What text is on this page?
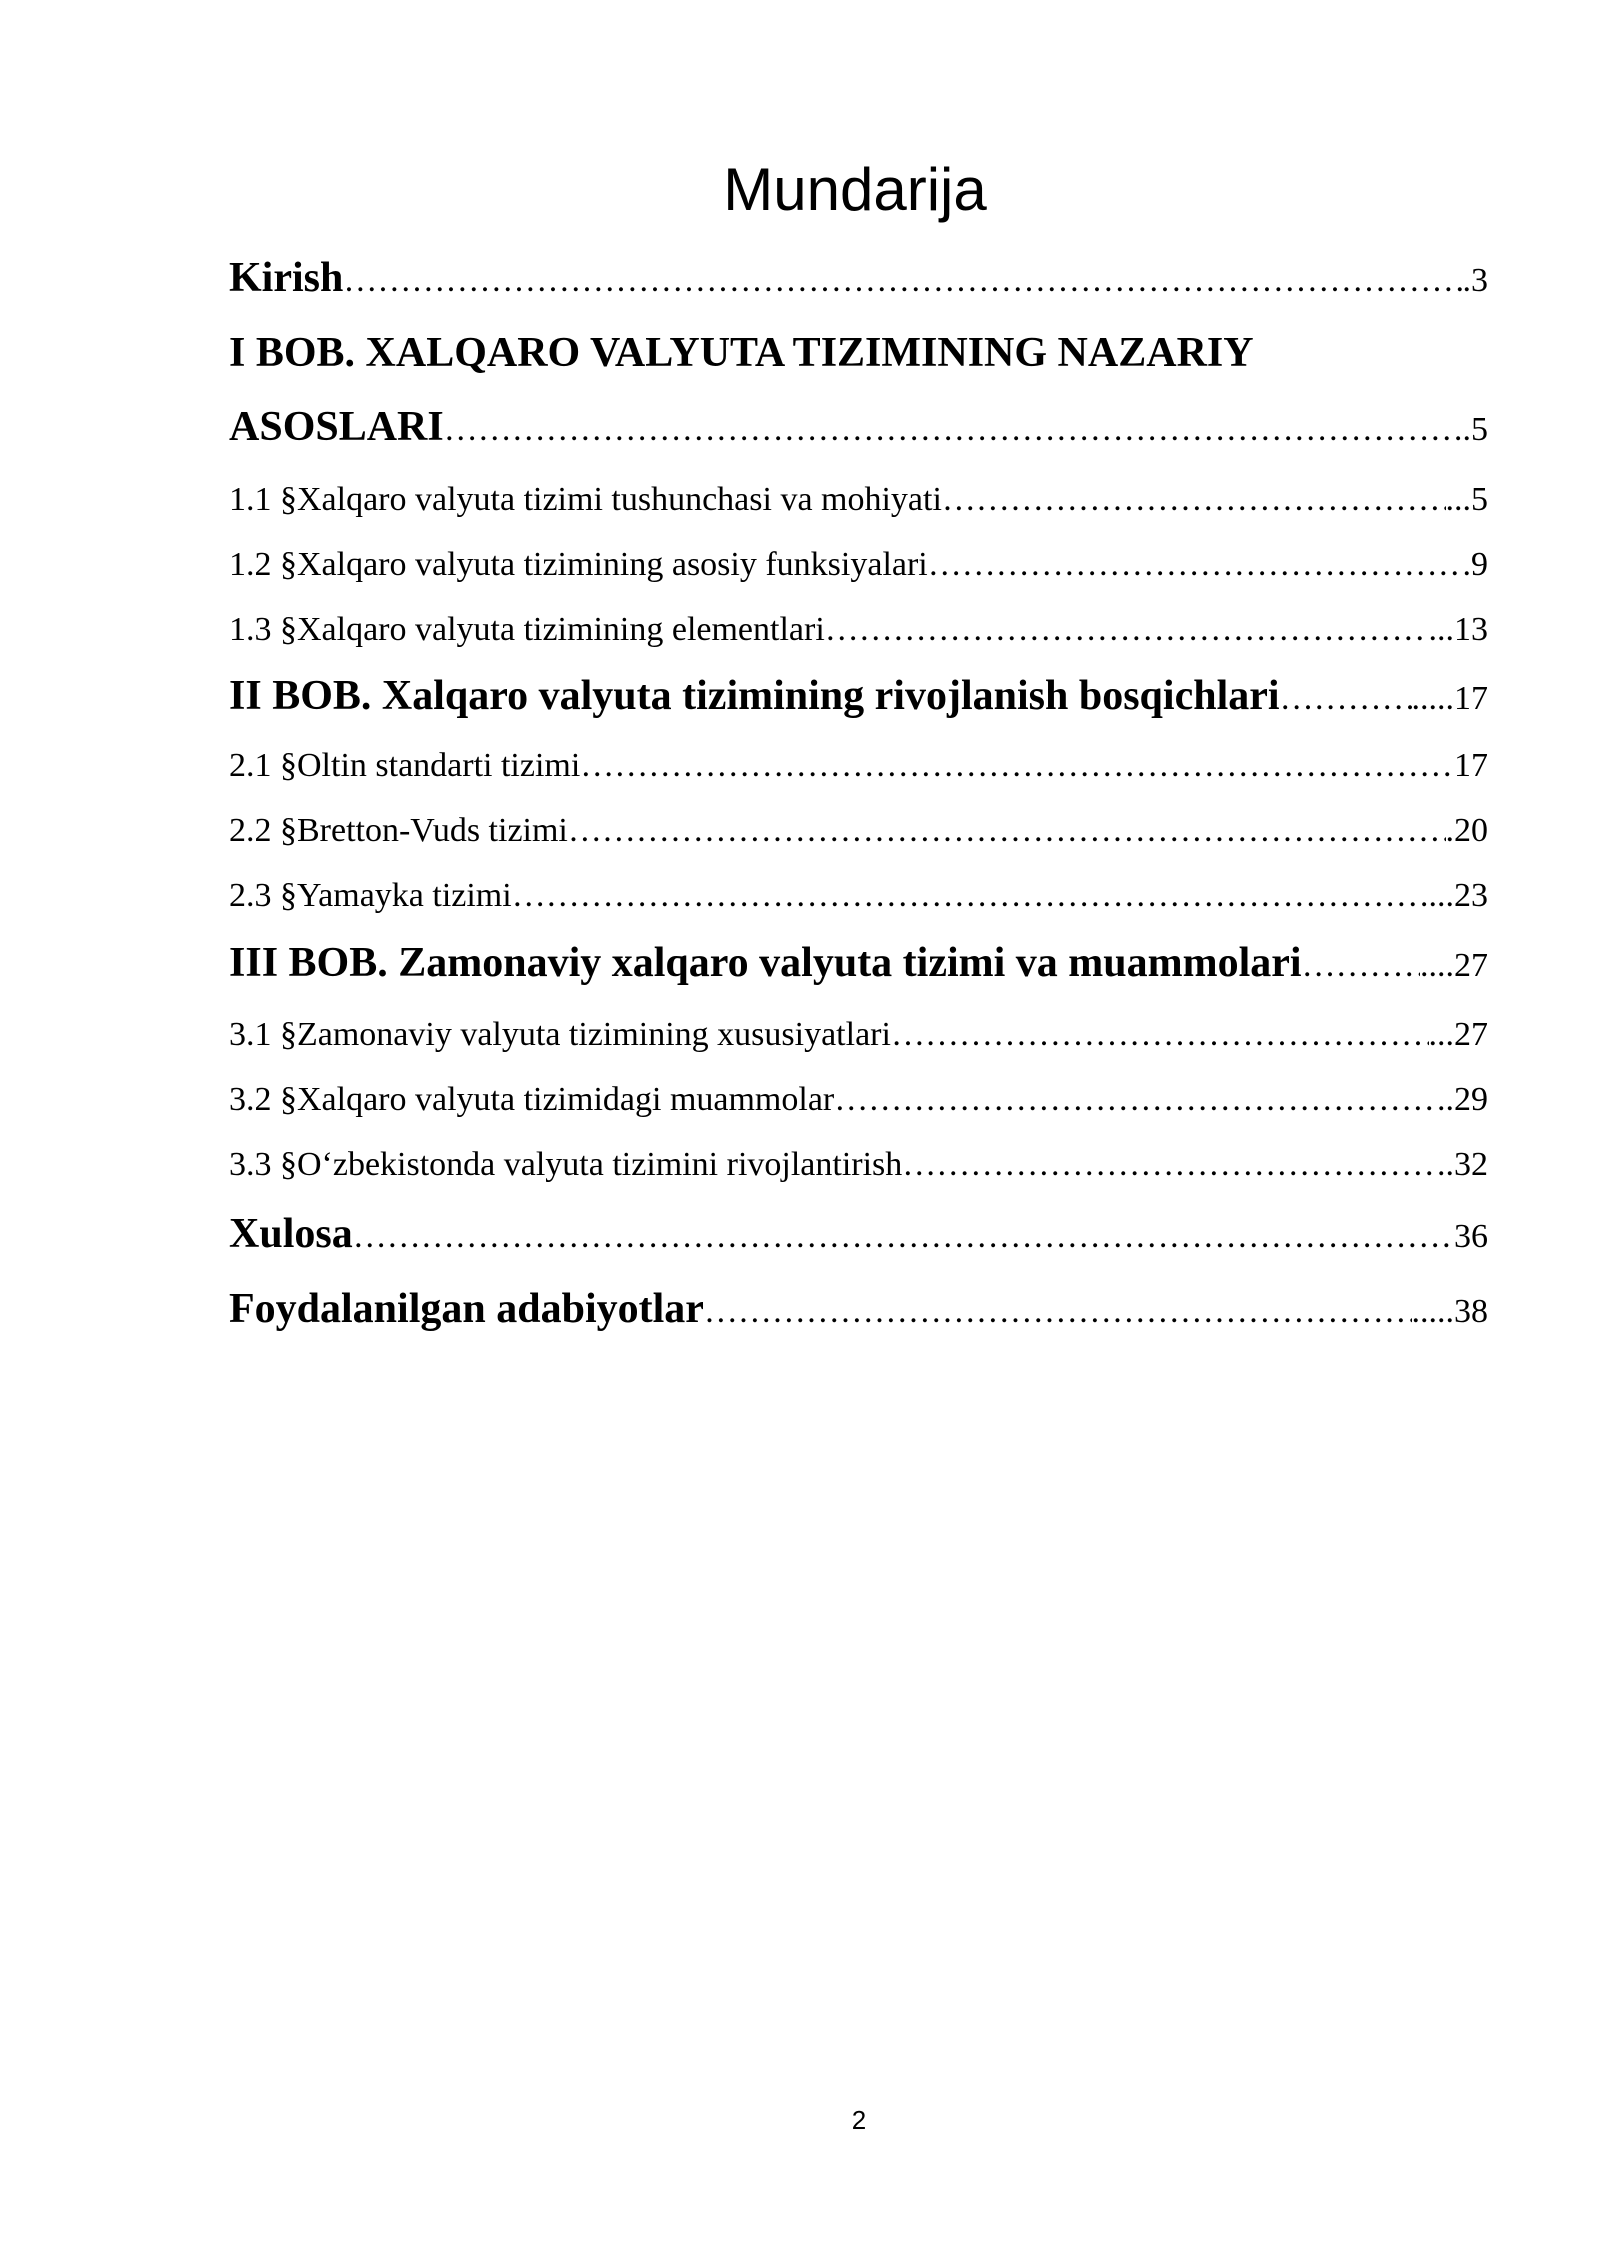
Mundarija
Kirish ………………………………………………………………………………………………………………………………………………………………………………	.3
I BOB. XALQARO VALYUTA TIZIMINING NAZARIY
ASOSLARI ………………………………………………………………………………………………………………………………………………………………………………	.5
1.1 §Xalqaro valyuta tizimi tushunchasi va mohiyati ………………………………………………………………………………………………………………………………………………………………………………	...5
1.2 §Xalqaro valyuta tizimining asosiy funksiyalari ………………………………………………………………………………………………………………………………………………………………………………	.9
1.3 §Xalqaro valyuta tizimining elementlari ………………………………………………………………………………………………………………………………………………………………………………	...13
II BOB. Xalqaro valyuta tizimining rivojlanish bosqichlari ………………………………………………………………………………………………………………………………………………………………………………	.....17
2.1 §Oltin standarti tizimi ………………………………………………………………………………………………………………………………………………………………………………	17
2.2 §Bretton-Vuds tizimi ………………………………………………………………………………………………………………………………………………………………………………	.20
2.3 §Yamayka tizimi ………………………………………………………………………………………………………………………………………………………………………………	...23
III BOB. Zamonaviy xalqaro valyuta tizimi va muammolari ………………………………………………………………………………………………………………………………………………………………………………	....27
3.1 §Zamonaviy valyuta tizimining xususiyatlari ………………………………………………………………………………………………………………………………………………………………………………	...27
3.2 §Xalqaro valyuta tizimidagi muammolar ………………………………………………………………………………………………………………………………………………………………………………	..29
3.3 §O‘zbekistonda valyuta tizimini rivojlantirish ………………………………………………………………………………………………………………………………………………………………………………	..32
Xulosa ………………………………………………………………………………………………………………………………………………………………………………	36
Foydalanilgan adabiyotlar ………………………………………………………………………………………………………………………………………………………………………………	.....38
2
